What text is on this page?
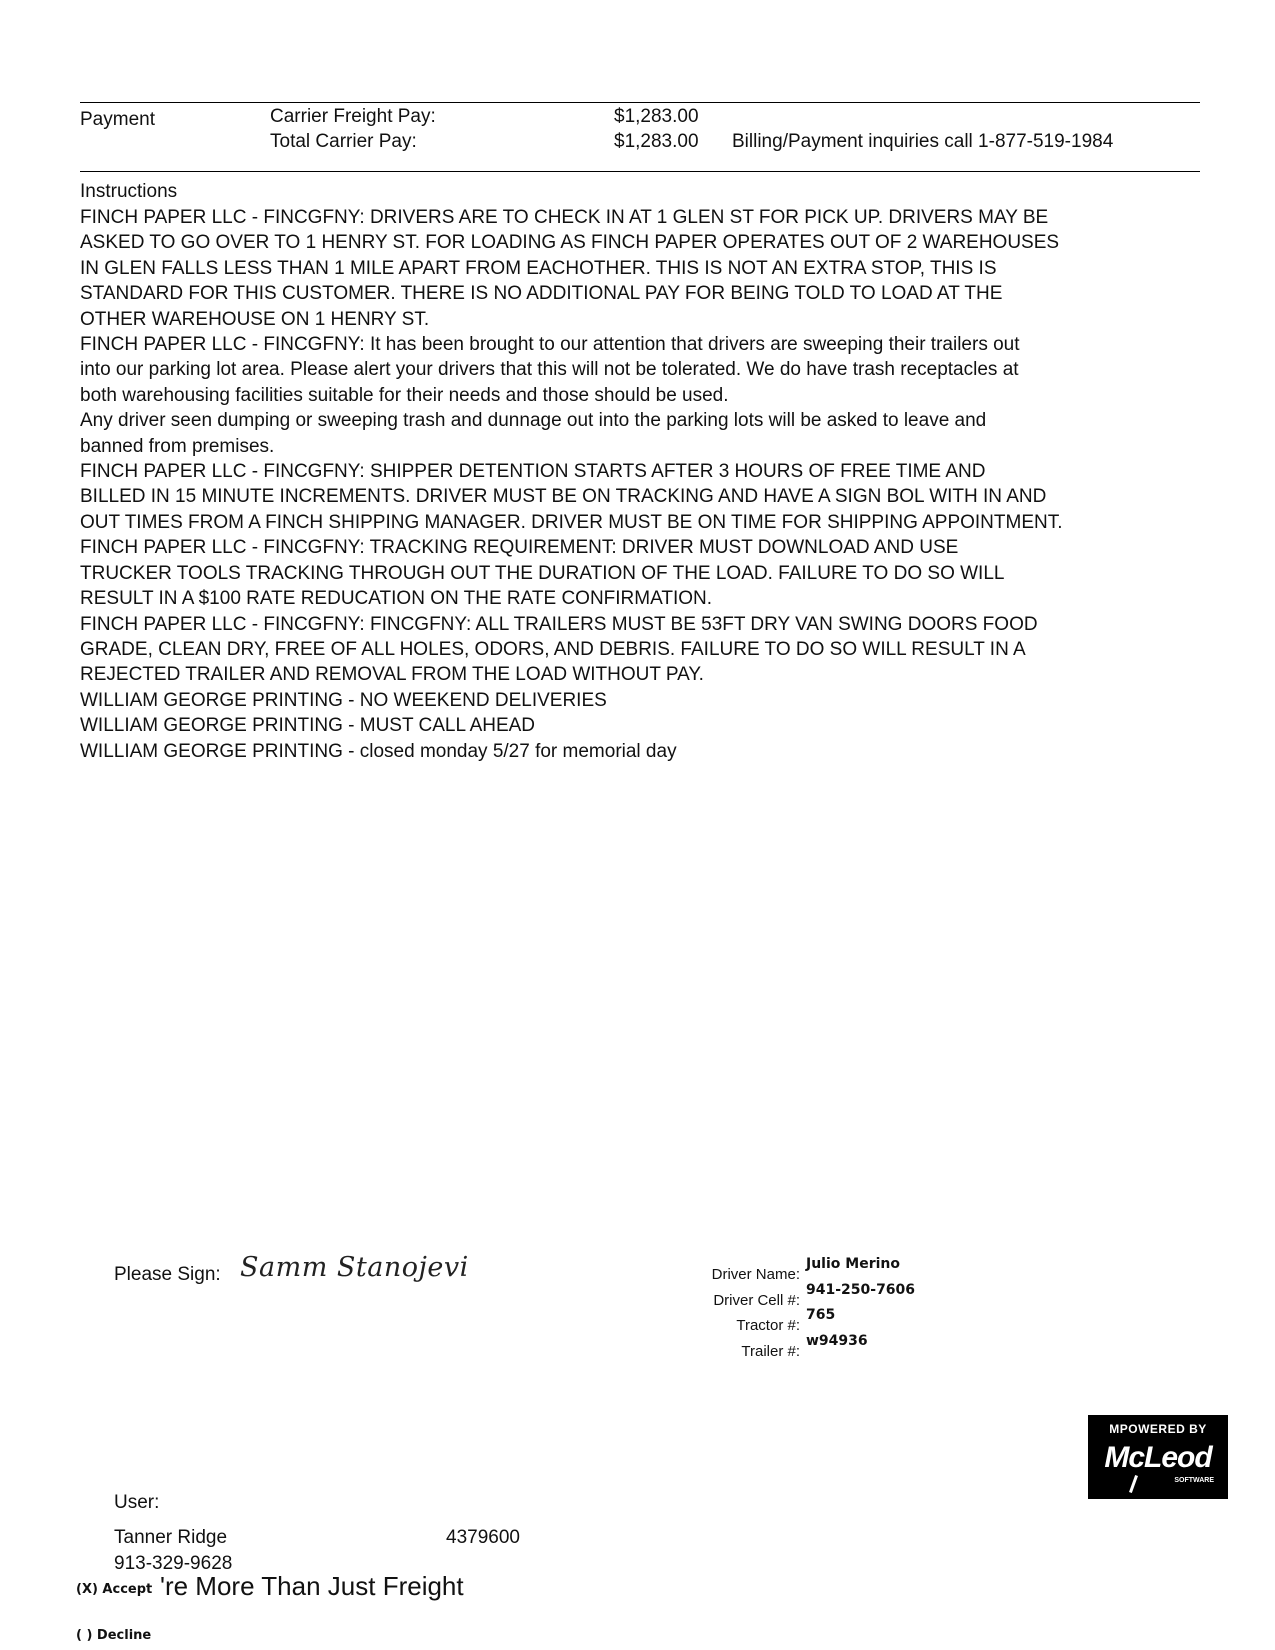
Payment	Carrier Freight Pay:	$1,283.00
Total Carrier Pay:	$1,283.00 Billing/Payment inquiries call 1-877-519-1984
Instructions
FINCH PAPER LLC - FINCGFNY: DRIVERS ARE TO CHECK IN AT 1 GLEN ST FOR PICK UP. DRIVERS MAY BE
ASKED TO GO OVER TO 1 HENRY ST. FOR LOADING AS FINCH PAPER OPERATES OUT OF 2 WAREHOUSES
IN GLEN FALLS LESS THAN 1 MILE APART FROM EACHOTHER. THIS IS NOT AN EXTRA STOP, THIS IS
STANDARD FOR THIS CUSTOMER. THERE IS NO ADDITIONAL PAY FOR BEING TOLD TO LOAD AT THE
OTHER WAREHOUSE ON 1 HENRY ST.
FINCH PAPER LLC - FINCGFNY: It has been brought to our attention that drivers are sweeping their trailers out
into our parking lot area. Please alert your drivers that this will not be tolerated. We do have trash receptacles at
both warehousing facilities suitable for their needs and those should be used.
Any driver seen dumping or sweeping trash and dunnage out into the parking lots will be asked to leave and
banned from premises.
FINCH PAPER LLC - FINCGFNY: SHIPPER DETENTION STARTS AFTER 3 HOURS OF FREE TIME AND
BILLED IN 15 MINUTE INCREMENTS. DRIVER MUST BE ON TRACKING AND HAVE A SIGN BOL WITH IN AND
OUT TIMES FROM A FINCH SHIPPING MANAGER. DRIVER MUST BE ON TIME FOR SHIPPING APPOINTMENT.
FINCH PAPER LLC - FINCGFNY: TRACKING REQUIREMENT: DRIVER MUST DOWNLOAD AND USE
TRUCKER TOOLS TRACKING THROUGH OUT THE DURATION OF THE LOAD. FAILURE TO DO SO WILL
RESULT IN A $100 RATE REDUCATION ON THE RATE CONFIRMATION.
FINCH PAPER LLC - FINCGFNY: FINCGFNY: ALL TRAILERS MUST BE 53FT DRY VAN SWING DOORS FOOD
GRADE, CLEAN DRY, FREE OF ALL HOLES, ODORS, AND DEBRIS. FAILURE TO DO SO WILL RESULT IN A
REJECTED TRAILER AND REMOVAL FROM THE LOAD WITHOUT PAY.
WILLIAM GEORGE PRINTING - NO WEEKEND DELIVERIES
WILLIAM GEORGE PRINTING - MUST CALL AHEAD
WILLIAM GEORGE PRINTING - closed monday 5/27 for memorial day
Please Sign: Samm Stanojevi	Driver Name:
Julio Merino
Driver Cell #:
941-250-7606
Tractor #:
765
Trailer #:
w94936
MPOWERED BY
McLeod
SOFTWARE
User:
Tanner Ridge	4379600
913-329-9628
(X) Accept 're More Than Just Freight
( ) Decline
